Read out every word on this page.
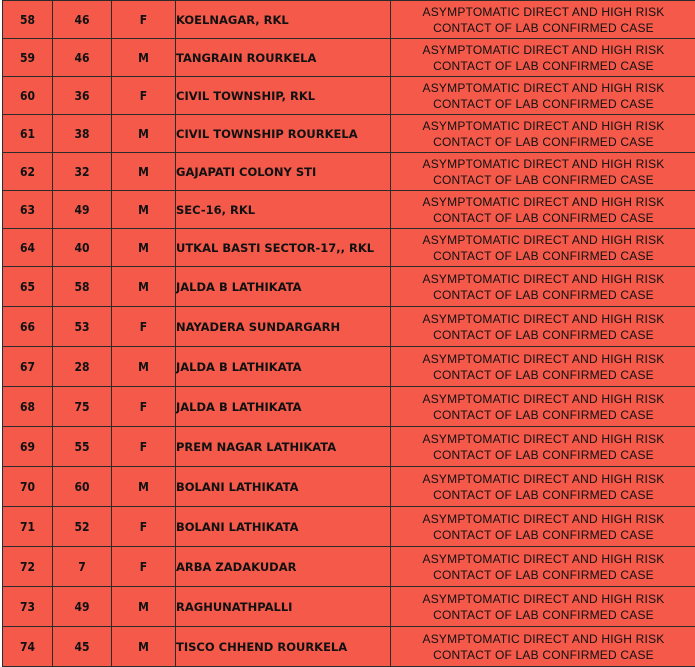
58	46	F	KOELNAGAR, RKL	ASYMPTOMATIC DIRECT AND HIGH RISK
CONTACT OF LAB CONFIRMED CASE

59	46	M	TANGRAIN ROURKELA	ASYMPTOMATIC DIRECT AND HIGH RISK
CONTACT OF LAB CONFIRMED CASE

60	36	F	CIVIL TOWNSHIP, RKL	ASYMPTOMATIC DIRECT AND HIGH RISK
CONTACT OF LAB CONFIRMED CASE

61	38	M	CIVIL TOWNSHIP ROURKELA	ASYMPTOMATIC DIRECT AND HIGH RISK
CONTACT OF LAB CONFIRMED CASE

62	32	M	GAJAPATI COLONY STI	ASYMPTOMATIC DIRECT AND HIGH RISK
CONTACT OF LAB CONFIRMED CASE

63	49	M	SEC-16, RKL	ASYMPTOMATIC DIRECT AND HIGH RISK
CONTACT OF LAB CONFIRMED CASE

64	40	M	UTKAL BASTI SECTOR-17,, RKL	ASYMPTOMATIC DIRECT AND HIGH RISK
CONTACT OF LAB CONFIRMED CASE

65	58	M	JALDA B LATHIKATA	ASYMPTOMATIC DIRECT AND HIGH RISK
CONTACT OF LAB CONFIRMED CASE

66	53	F	NAYADERA SUNDARGARH	ASYMPTOMATIC DIRECT AND HIGH RISK
CONTACT OF LAB CONFIRMED CASE

67	28	M	JALDA B LATHIKATA	ASYMPTOMATIC DIRECT AND HIGH RISK
CONTACT OF LAB CONFIRMED CASE

68	75	F	JALDA B LATHIKATA	ASYMPTOMATIC DIRECT AND HIGH RISK
CONTACT OF LAB CONFIRMED CASE

69	55	F	PREM NAGAR LATHIKATA	ASYMPTOMATIC DIRECT AND HIGH RISK
CONTACT OF LAB CONFIRMED CASE

70	60	M	BOLANI LATHIKATA	ASYMPTOMATIC DIRECT AND HIGH RISK
CONTACT OF LAB CONFIRMED CASE

71	52	F	BOLANI LATHIKATA	ASYMPTOMATIC DIRECT AND HIGH RISK
CONTACT OF LAB CONFIRMED CASE

72	7	F	ARBA ZADAKUDAR	ASYMPTOMATIC DIRECT AND HIGH RISK
CONTACT OF LAB CONFIRMED CASE

73	49	M	RAGHUNATHPALLI	ASYMPTOMATIC DIRECT AND HIGH RISK
CONTACT OF LAB CONFIRMED CASE

74	45	M	TISCO CHHEND ROURKELA	ASYMPTOMATIC DIRECT AND HIGH RISK
CONTACT OF LAB CONFIRMED CASE
